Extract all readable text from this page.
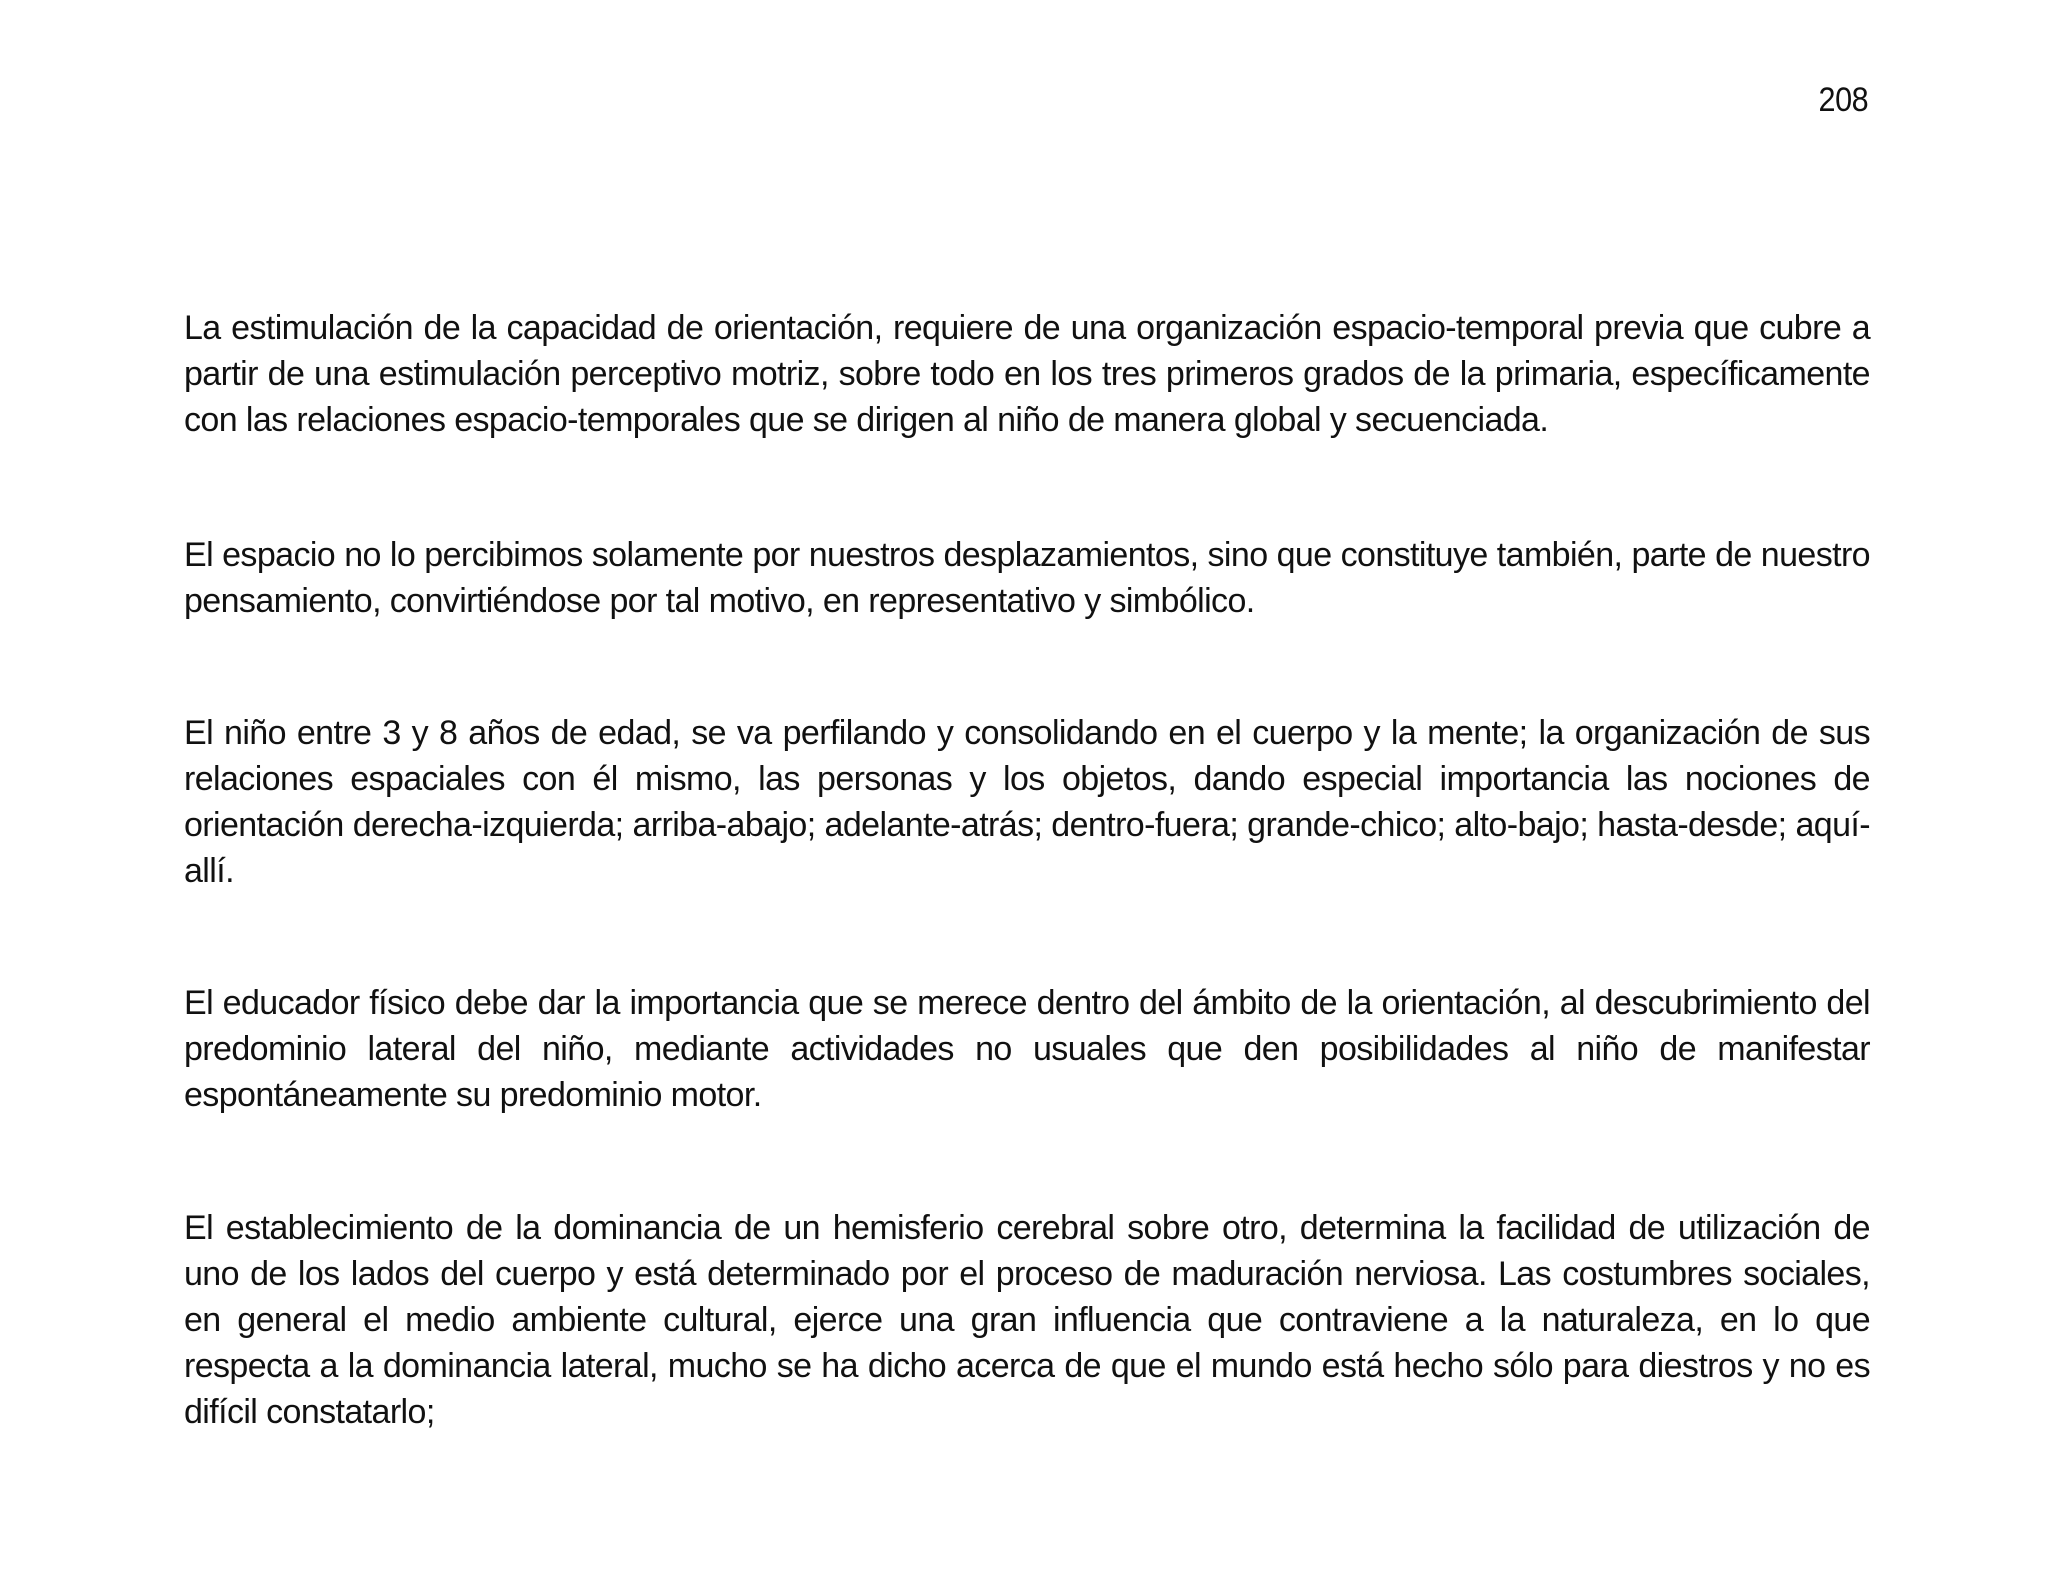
208

La estimulación de la capacidad de orientación, requiere de una organización espacio-temporal previa que cubre a partir de una estimulación perceptivo motriz, sobre todo en los tres primeros grados de la primaria, específicamente con las relaciones espacio-temporales que se dirigen al niño de manera global y secuenciada.

El espacio no lo percibimos solamente por nuestros desplazamientos, sino que constituye también, parte de nuestro pensamiento, convirtiéndose por tal motivo, en representativo y simbólico.

El niño entre 3 y 8 años de edad, se va perfilando y consolidando en el cuerpo y la mente; la organización de sus relaciones espaciales con él mismo, las personas y los objetos, dando especial importancia las nociones de orientación derecha-izquierda; arriba-abajo; adelante-atrás; dentro-fuera; grande-chico; alto-bajo; hasta-desde; aquí-allí.

El educador físico debe dar la importancia que se merece dentro del ámbito de la orientación, al descubrimiento del predominio lateral del niño, mediante actividades no usuales que den posibilidades al niño de manifestar espontáneamente su predominio motor.

El establecimiento de la dominancia de un hemisferio cerebral sobre otro, determina la facilidad de utilización de uno de los lados del cuerpo y está determinado por el proceso de maduración nerviosa. Las costumbres sociales, en general el medio ambiente cultural, ejerce una gran influencia que contraviene a la naturaleza, en lo que respecta a la dominancia lateral, mucho se ha dicho acerca de que el mundo está hecho sólo para diestros y no es difícil constatarlo;
